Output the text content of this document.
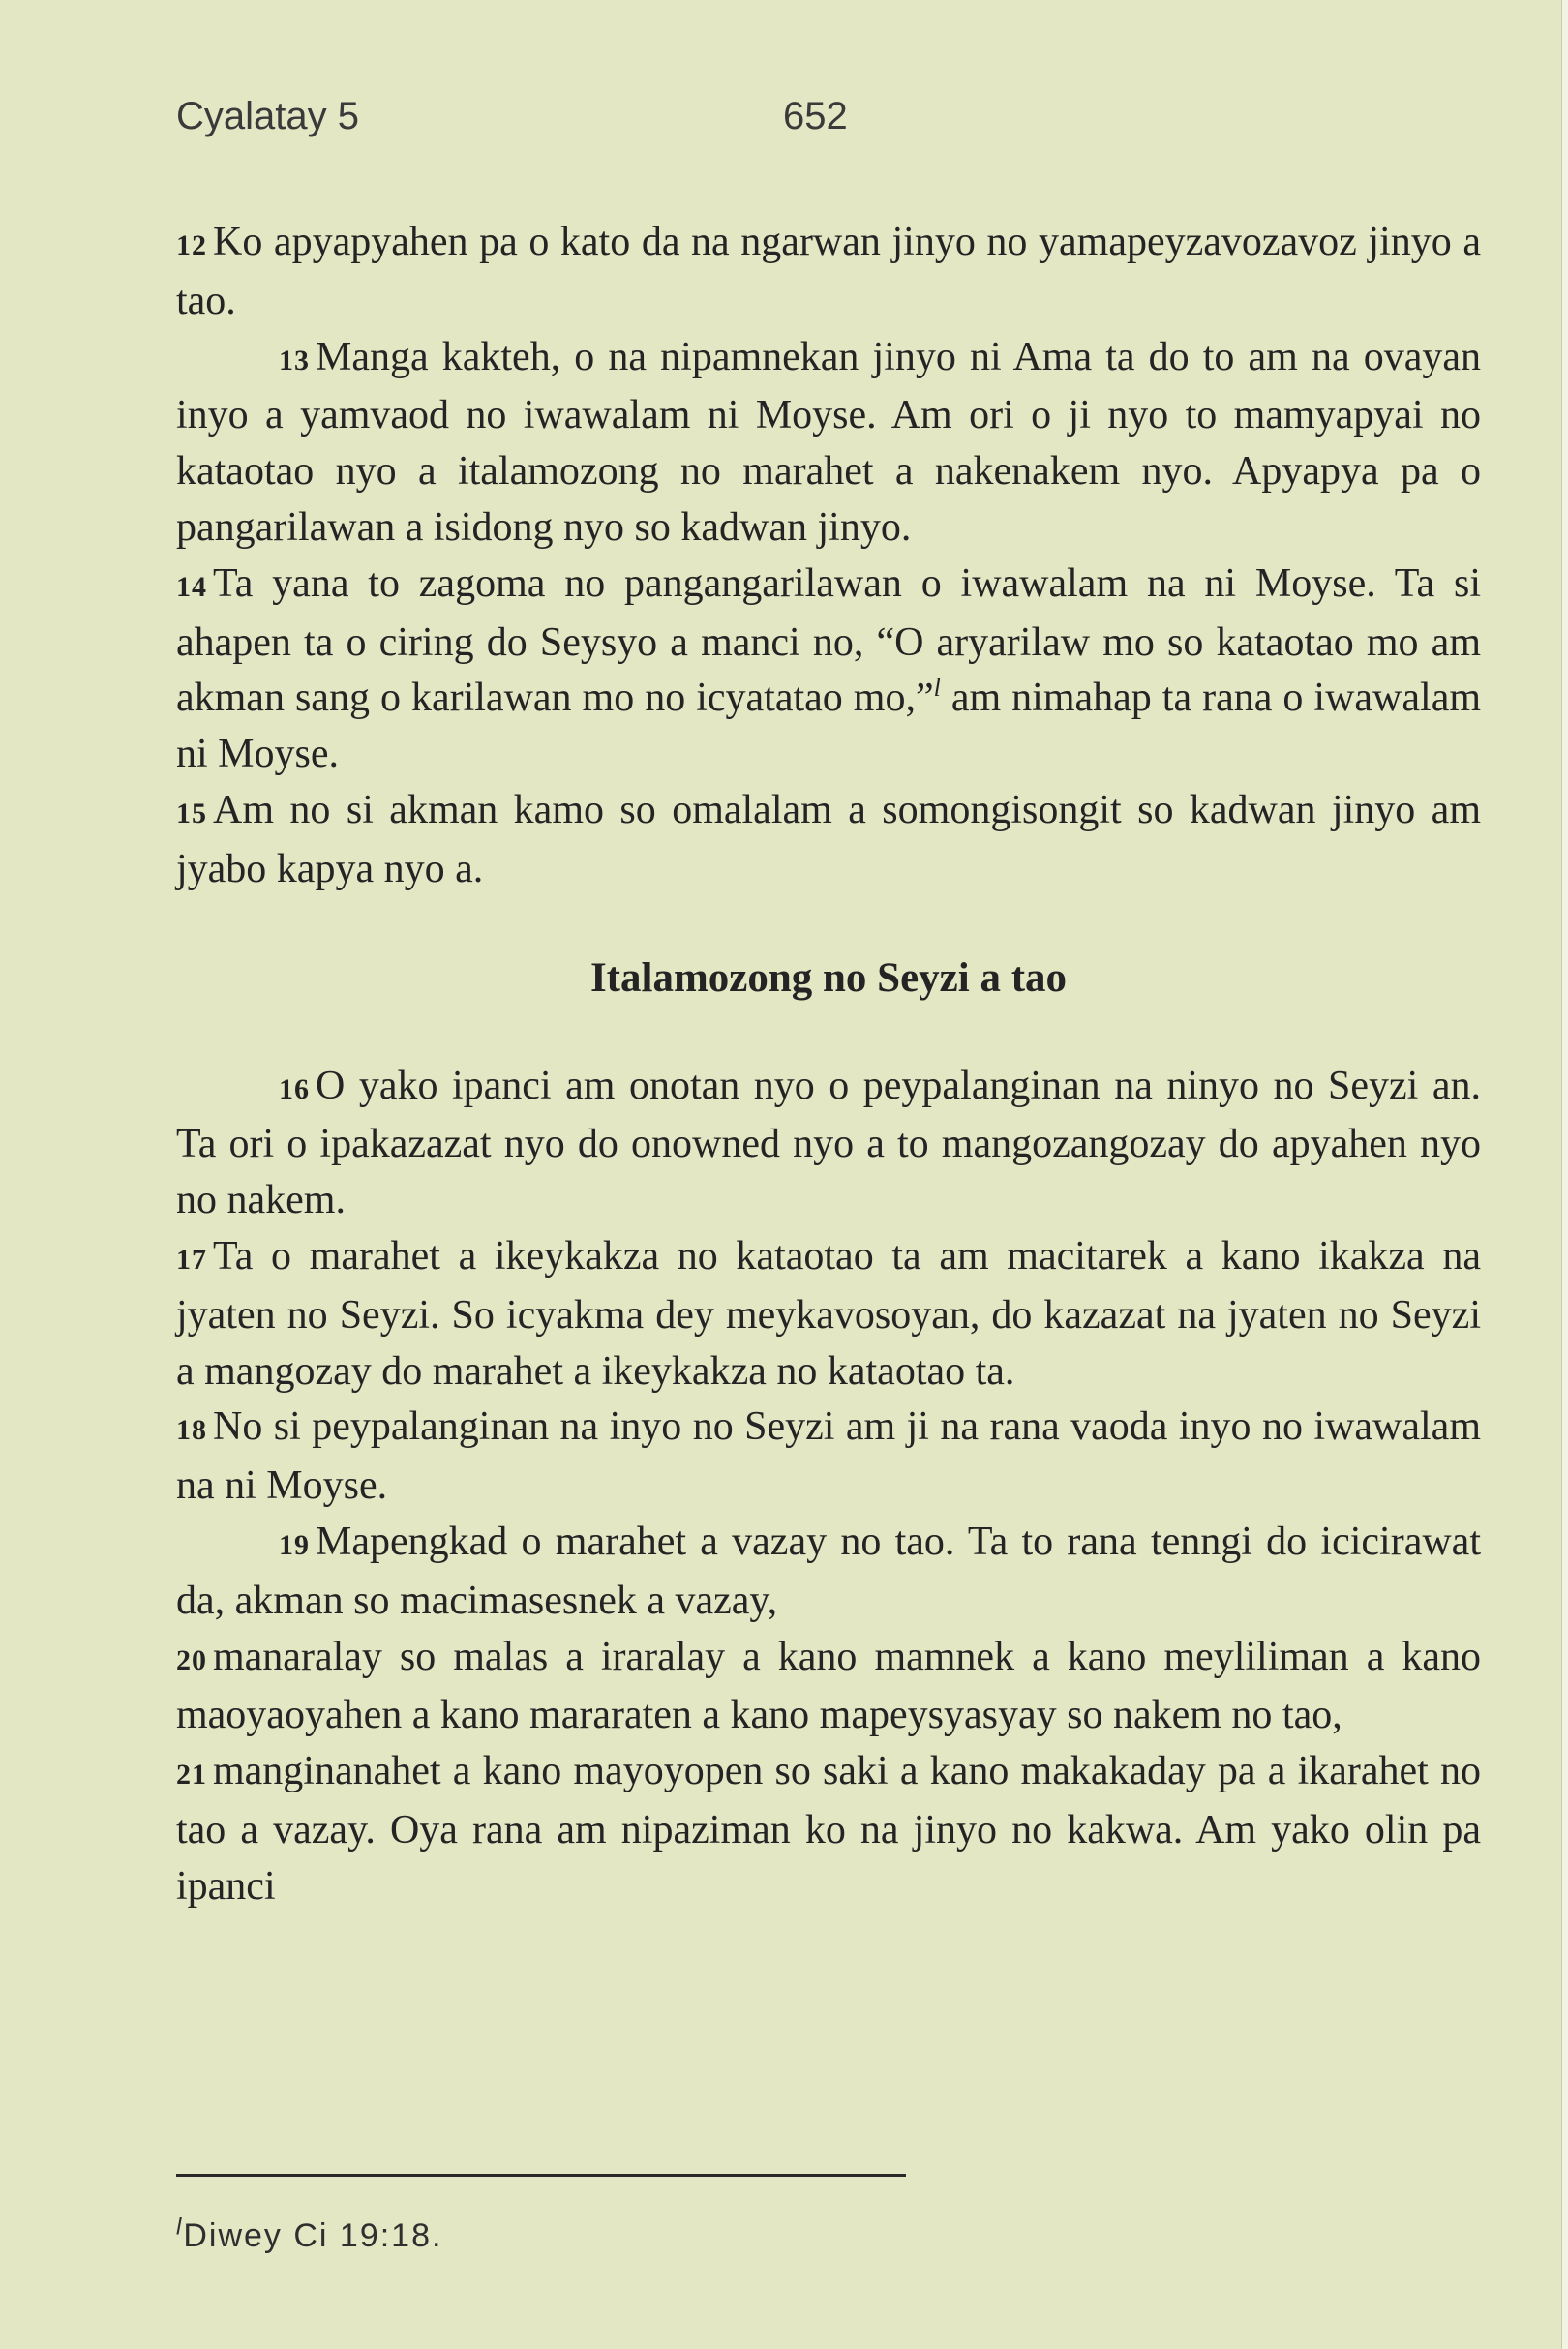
Cyalatay 5	652

12 Ko apyapyahen pa o kato da na ngarwan jinyo no yamapeyzavozavoz jinyo a tao.

13 Manga kakteh, o na nipamnekan jinyo ni Ama ta do to am na ovayan inyo a yamvaod no iwawalam ni Moyse. Am ori o ji nyo to mamyapyai no kataotao nyo a italamozong no marahet a nakenakem nyo. Apyapya pa o pangarilawan a isidong nyo so kadwan jinyo.

14 Ta yana to zagoma no pangangarilawan o iwawalam na ni Moyse. Ta si ahapen ta o ciring do Seysyo a manci no, “O aryarilaw mo so kataotao mo am akman sang o karilawan mo no icyatatao mo,”$^l$ am nimahap ta rana o iwawalam ni Moyse.

15 Am no si akman kamo so omalalam a somongisongit so kadwan jinyo am jyabo kapya nyo a.

Italamozong no Seyzi a tao

16 O yako ipanci am onotan nyo o peypalanginan na ninyo no Seyzi an. Ta ori o ipakazazat nyo do onowned nyo a to mangozangozay do apyahen nyo no nakem.

17 Ta o marahet a ikeykakza no kataotao ta am macitarek a kano ikakza na jyaten no Seyzi. So icyakma dey meykavosoyan, do kazazat na jyaten no Seyzi a mangozay do marahet a ikeykakza no kataotao ta.

18 No si peypalanginan na inyo no Seyzi am ji na rana vaoda inyo no iwawalam na ni Moyse.

19 Mapengkad o marahet a vazay no tao. Ta to rana tenngi do icicirawat da, akman so macimasesnek a vazay,

20 manaralay so malas a iraralay a kano mamnek a kano meyliliman a kano maoyaoyahen a kano mararaten a kano mapeysyasyay so nakem no tao,

21 manginanahet a kano mayoyopen so saki a kano makakaday pa a ikarahet no tao a vazay. Oya rana am nipaziman ko na jinyo no kakwa. Am yako olin pa ipanci

$^l$Diwey Ci 19:18.
